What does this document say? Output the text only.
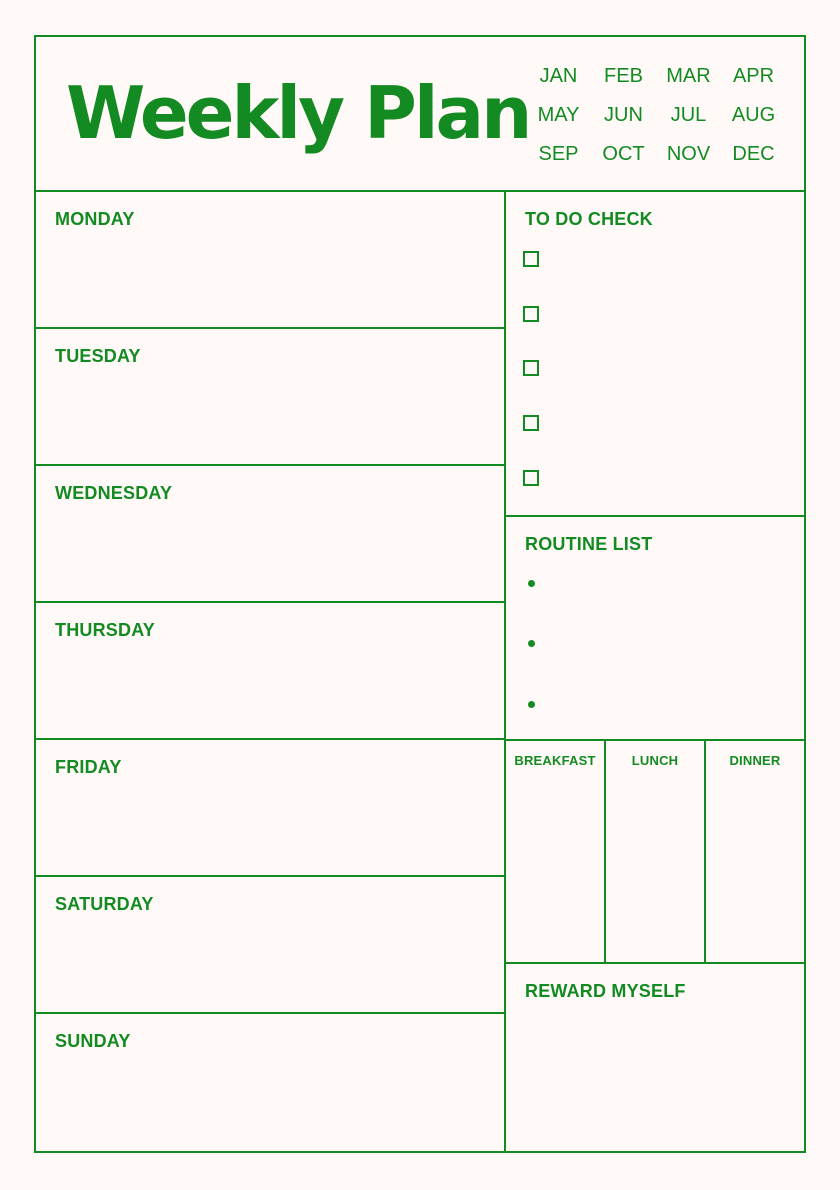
Weekly Plan JAN	FEB	MAR	APR
MAY	JUN	JUL	AUG
SEP	OCT	NOV	DEC
MONDAY
TUESDAY
WEDNESDAY
THURSDAY
FRIDAY
SATURDAY
SUNDAY
TO DO CHECK
ROUTINE LIST
BREAKFAST	LUNCH	DINNER
REWARD MYSELF
